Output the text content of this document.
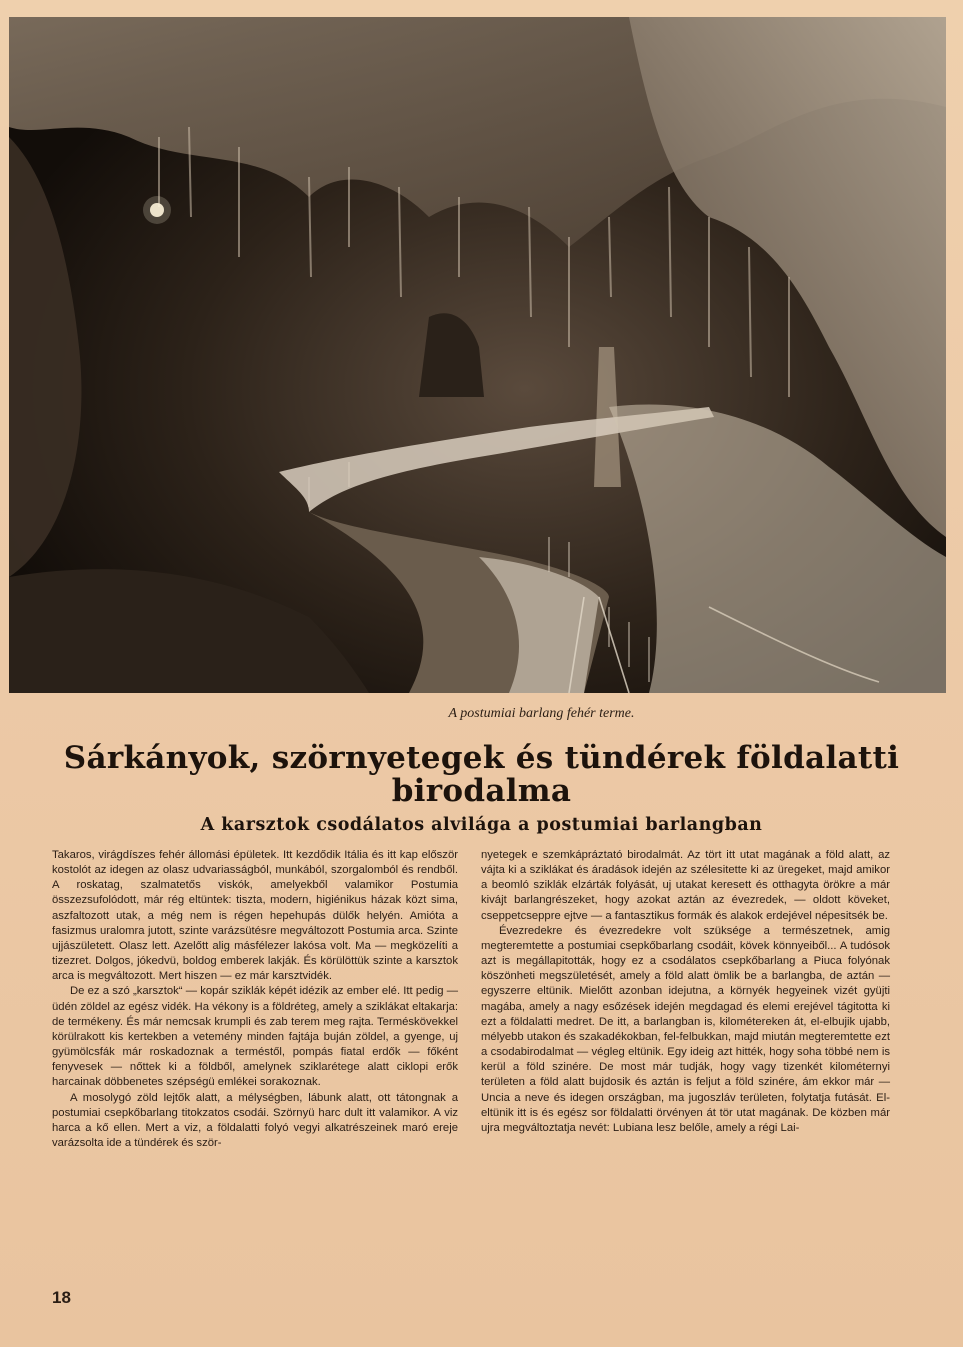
A postumiai barlang fehér terme.
Sárkányok, szörnyetegek és tündérek földalatti birodalma
A karsztok csodálatos alvilága a postumiai barlangban

Takaros, virágdíszes fehér állomási épületek. Itt kezdődik Itália és itt kap először kostolót az idegen az olasz udvariasságból, munkából, szorgalomból és rendből. A roskatag, szalmatetős viskók, amelyekből valamikor Postumia összezsufolódott, már rég eltüntek: tiszta, modern, higiénikus házak közt sima, aszfaltozott utak, a még nem is régen hepehupás dülők helyén. Amióta a fasizmus uralomra jutott, szinte varázsütésre megváltozott Postumia arca. Szinte ujjászületett. Olasz lett. Azelőtt alig másfélezer lakósa volt. Ma — megközelíti a tizezret. Dolgos, jókedvü, boldog emberek lakják. És körülöttük szinte a karsztok arca is megváltozott. Mert hiszen — ez már karsztvidék.

De ez a szó „karsztok“ — kopár sziklák képét idézik az ember elé. Itt pedig — üdén zöldel az egész vidék. Ha vékony is a földréteg, amely a sziklákat eltakarja: de termékeny. És már nemcsak krumpli és zab terem meg rajta. Terméskövekkel körülrakott kis kertekben a vetemény minden fajtája buján zöldel, a gyenge, uj gyümölcsfák már roskadoznak a terméstől, pompás fiatal erdők — főként fenyvesek — nőttek ki a földből, amelynek sziklarétege alatt ciklopi erők harcainak döbbenetes szépségü emlékei sorakoznak.

A mosolygó zöld lejtők alatt, a mélységben, lábunk alatt, ott tátongnak a postumiai csepkőbarlang titokzatos csodái. Szörnyü harc dult itt valamikor. A viz harca a kő ellen. Mert a viz, a földalatti folyó vegyi alkatrészeinek maró ereje varázsolta ide a tündérek és ször-

nyetegek e szemkápráztató birodalmát. Az tört itt utat magának a föld alatt, az vájta ki a sziklákat és áradások idején az szélesitette ki az üregeket, majd amikor a beomló sziklák elzárták folyását, uj utakat keresett és otthagyta örökre a már kivájt barlangrészeket, hogy azokat aztán az évezredek, — oldott köveket, cseppetcseppre ejtve — a fantasztikus formák és alakok erdejével népesitsék be.

Évezredekre és évezredekre volt szüksége a természetnek, amig megteremtette a postumiai csepkőbarlang csodáit, kövek könnyeiből... A tudósok azt is megállapitották, hogy ez a csodálatos csepkőbarlang a Piuca folyónak köszönheti megszületését, amely a föld alatt ömlik be a barlangba, de aztán — egyszerre eltünik. Mielőtt azonban idejutna, a környék hegyeinek vizét gyüjti magába, amely a nagy esőzések idején megdagad és elemi erejével tágitotta ki ezt a földalatti medret. De itt, a barlangban is, kilométereken át, el-elbujik ujabb, mélyebb utakon és szakadékokban, fel-felbukkan, majd miután megteremtette ezt a csodabirodalmat — végleg eltünik. Egy ideig azt hitték, hogy soha többé nem is kerül a föld szinére. De most már tudják, hogy vagy tizenkét kilométernyi területen a föld alatt bujdosik és aztán is feljut a föld szinére, ám ekkor már — Uncia a neve és idegen országban, ma jugoszláv területen, folytatja futását. El-eltünik itt is és egész sor földalatti örvényen át tör utat magának. De közben már ujra megváltoztatja nevét: Lubiana lesz belőle, amely a régi Lai-

18
